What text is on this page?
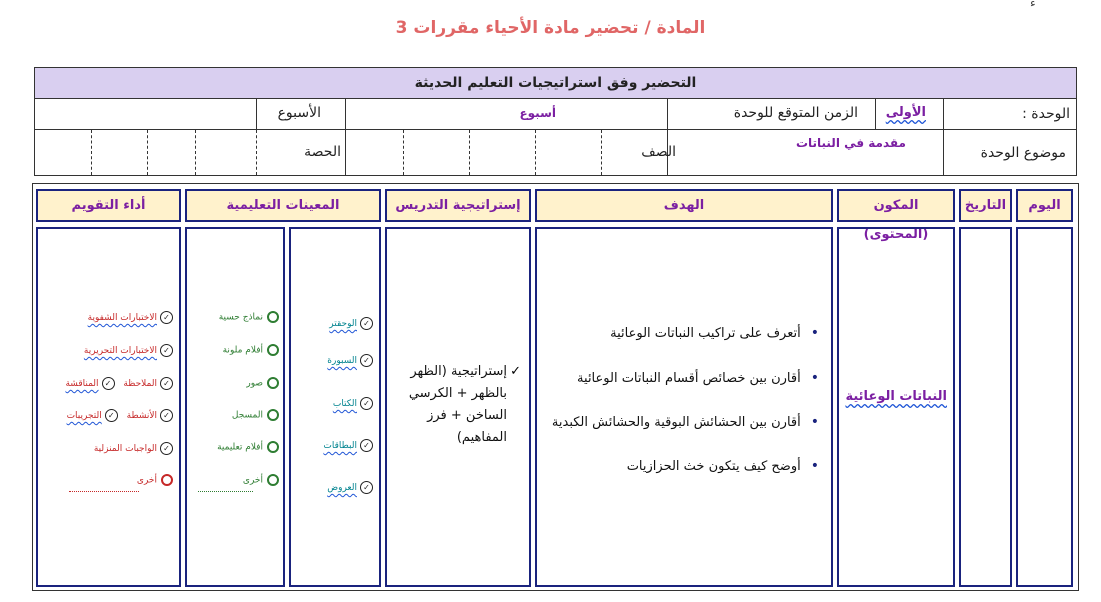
ﺀ
المادة / تحضير مادة الأحياء مقررات 3
التحضير وفق استراتيجيات التعليم الحديثة
الوحدة :
الأولى
الزمن المتوقع للوحدة
أسبوع
الأسبوع
موضوع الوحدة
مقدمة في النباتات
الصف
الحصة
اليوم
التاريخ
المكون (المحتوى)
الهدف
إستراتيجية التدريس
المعينات التعليمية
أداء التقويم
النباتات الوعائية
• أتعرف على تراكيب النباتات الوعائية
• أقارن بين خصائص أقسام النباتات الوعائية
• أقارن بين الحشائش البوقية والحشائش الكبدية
• أوضح كيف يتكون خث الحزازيات
✓
إستراتيجية (الظهر بالظهر + الكرسي الساخن + فرز المفاهيم)
✓الوحقتر
✓السبورة
✓الكتاب
✓البطاقات
✓العروض
نماذج حسية
أفلام ملونة
صور
المسجل
أفلام تعليمية
أخرى
✓الاختبارات الشفوية
✓الاختبارات التحريرية
✓الملاحظة ✓المناقشة
✓الأنشطة ✓التجريبات
✓الواجبات المنزلية
أخرى
